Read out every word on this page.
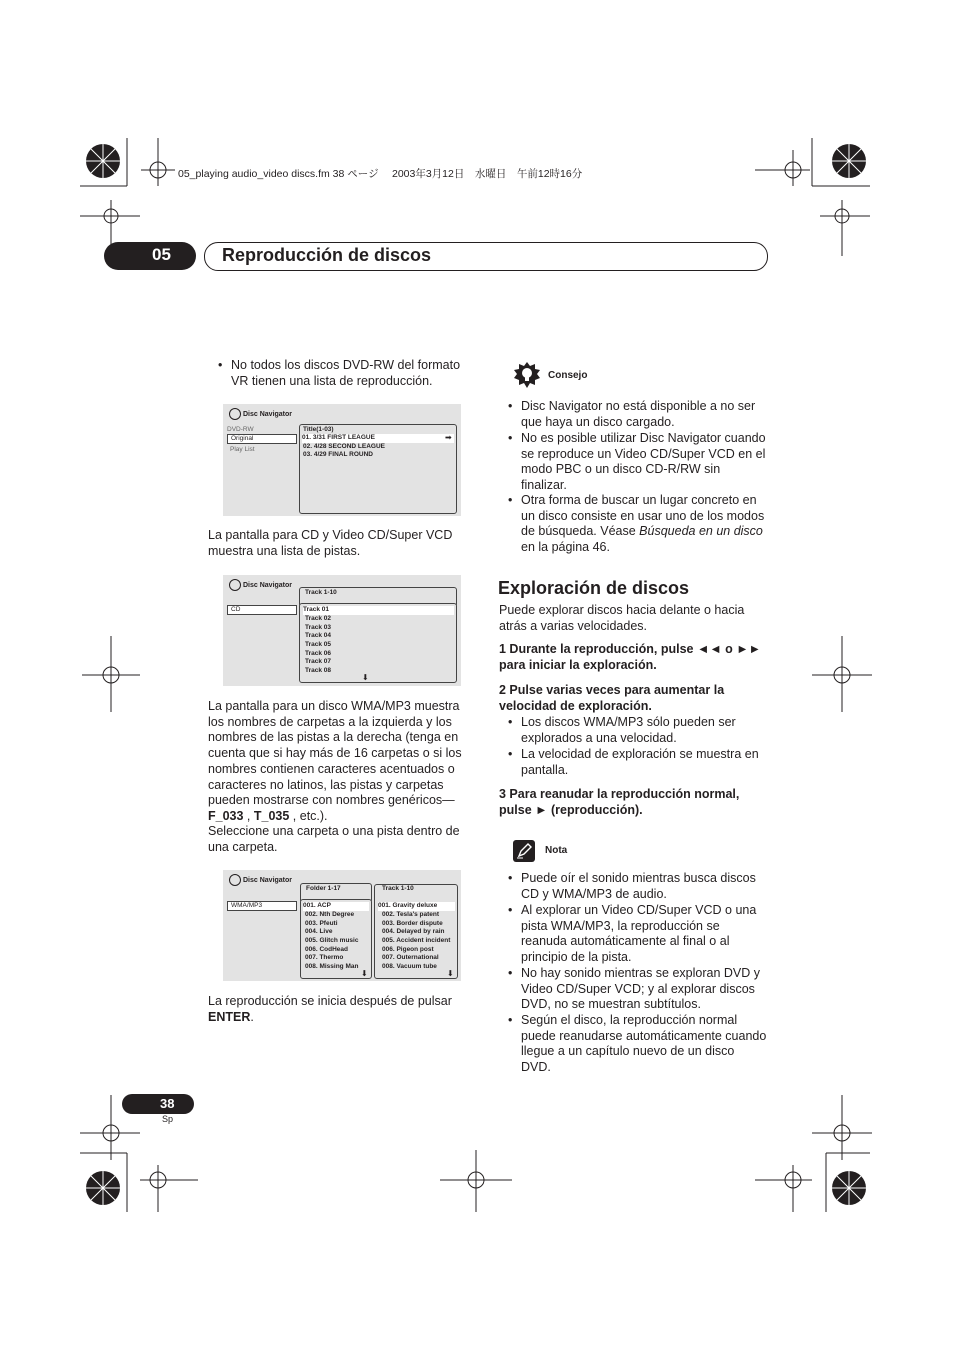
05_playing audio_video discs.fm 38 ページ　 2003年3月12日　水曜日　午前12時16分
05	Reproducción de discos
• No todos los discos DVD-RW del formato VR tienen una lista de reproducción.
Disc Navigator
DVD-RW
Original
Play List
Title(1-03)
01. 3/31 FIRST LEAGUE	➡
02. 4/28 SECOND LEAGUE
03. 4/29 FINAL ROUND
La pantalla para CD y Video CD/Super VCD muestra una lista de pistas.
Disc Navigator
CD
Track 1-10
Track 01
Track 02
Track 03
Track 04
Track 05
Track 06
Track 07
Track 08
⬇
La pantalla para un disco WMA/MP3 muestra los nombres de carpetas a la izquierda y los nombres de las pistas a la derecha (tenga en cuenta que si hay más de 16 carpetas o si los nombres contienen caracteres acentuados o caracteres no latinos, las pistas y carpetas pueden mostrarse con nombres genéricos— F_033 , T_035 , etc.).
Seleccione una carpeta o una pista dentro de una carpeta.
Disc Navigator
WMA/MP3
Folder 1-17
001. ACP
002. Nth Degree
003. Pfeuti
004. Live
005. Glitch music
006. CodHead
007. Thermo
008. Missing Man
⬇
Track 1-10
001. Gravity deluxe
002. Tesla's patent
003. Border dispute
004. Delayed by rain
005. Accident incident
006. Pigeon post
007. Outernational
008. Vacuum tube
⬇
La reproducción se inicia después de pulsar ENTER.
Consejo
• Disc Navigator no está disponible a no ser que haya un disco cargado.
• No es posible utilizar Disc Navigator cuando se reproduce un Video CD/Super VCD en el modo PBC o un disco CD-R/RW sin finalizar.
• Otra forma de buscar un lugar concreto en un disco consiste en usar uno de los modos de búsqueda. Véase Búsqueda en un disco en la página 46.
Exploración de discos
Puede explorar discos hacia delante o hacia atrás a varias velocidades.
1 Durante la reproducción, pulse ◄◄ o ►► para iniciar la exploración.
2 Pulse varias veces para aumentar la velocidad de exploración.
• Los discos WMA/MP3 sólo pueden ser explorados a una velocidad.
• La velocidad de exploración se muestra en pantalla.
3 Para reanudar la reproducción normal, pulse ► (reproducción).
Nota
• Puede oír el sonido mientras busca discos CD y WMA/MP3 de audio.
• Al explorar un Video CD/Super VCD o una pista WMA/MP3, la reproducción se reanuda automáticamente al final o al principio de la pista.
• No hay sonido mientras se exploran DVD y Video CD/Super VCD; y al explorar discos DVD, no se muestran subtítulos.
• Según el disco, la reproducción normal puede reanudarse automáticamente cuando llegue a un capítulo nuevo de un disco DVD.
38
Sp
